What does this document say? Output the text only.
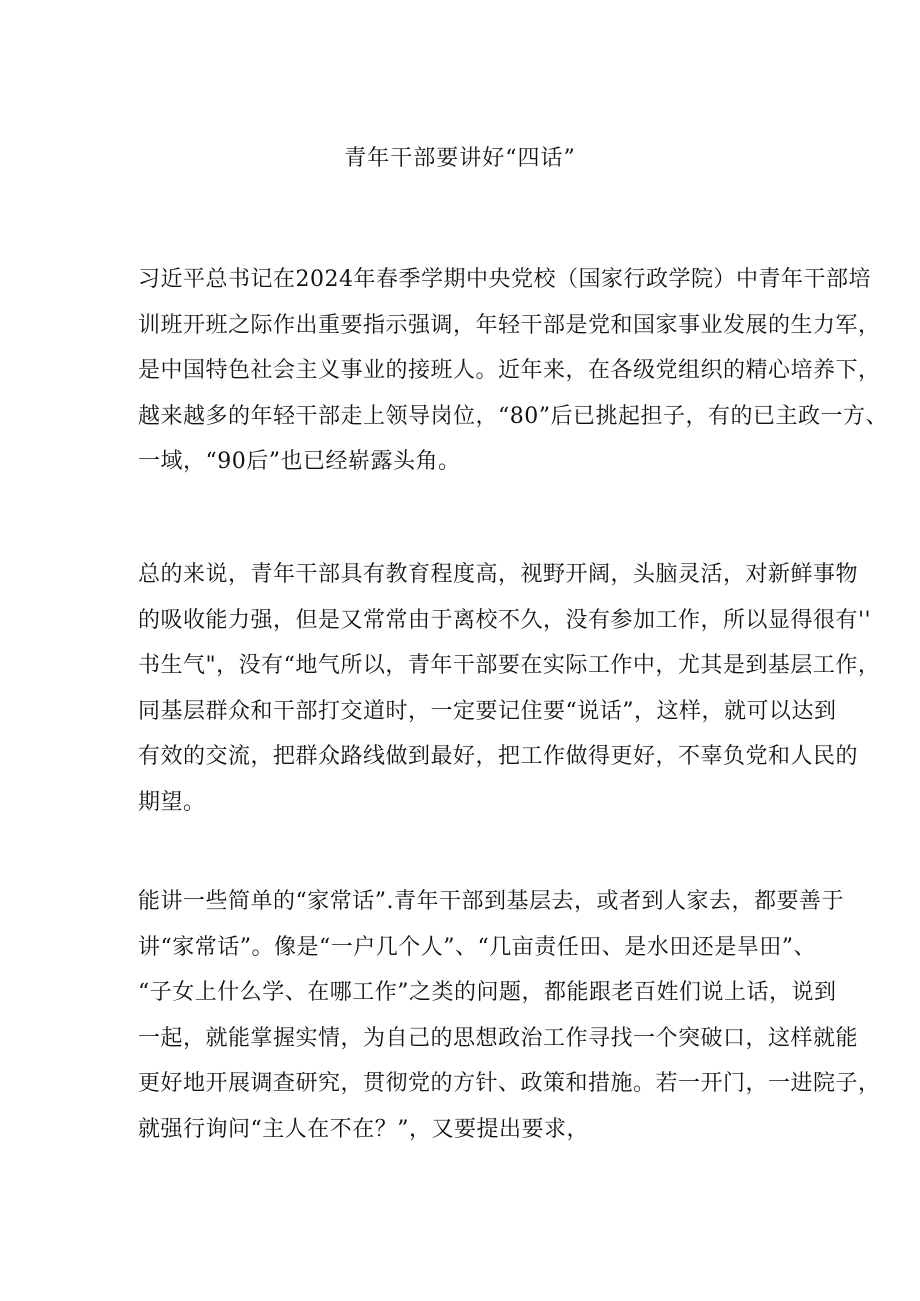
青年干部要讲好“四话”

习近平总书记在2024年春季学期中央党校（国家行政学院）中青年干部培
训班开班之际作出重要指示强调，年轻干部是党和国家事业发展的生力军，
是中国特色社会主义事业的接班人。近年来，在各级党组织的精心培养下，
越来越多的年轻干部走上领导岗位，“80”后已挑起担子，有的已主政一方、
一域，“90后”也已经崭露头角。

总的来说，青年干部具有教育程度高，视野开阔，头脑灵活，对新鲜事物
的吸收能力强，但是又常常由于离校不久，没有参加工作，所以显得很有''
书生气"，没有“地气所以，青年干部要在实际工作中，尤其是到基层工作，
同基层群众和干部打交道时，一定要记住要“说话”，这样，就可以达到
有效的交流，把群众路线做到最好，把工作做得更好，不辜负党和人民的
期望。

能讲一些简单的“家常话”.青年干部到基层去，或者到人家去，都要善于
讲“家常话”。像是“一户几个人”、“几亩责任田、是水田还是旱田”、
“子女上什么学、在哪工作”之类的问题，都能跟老百姓们说上话，说到
一起，就能掌握实情，为自己的思想政治工作寻找一个突破口，这样就能
更好地开展调查研究，贯彻党的方针、政策和措施。若一开门，一进院子，
就强行询问“主人在不在？”，又要提出要求，
